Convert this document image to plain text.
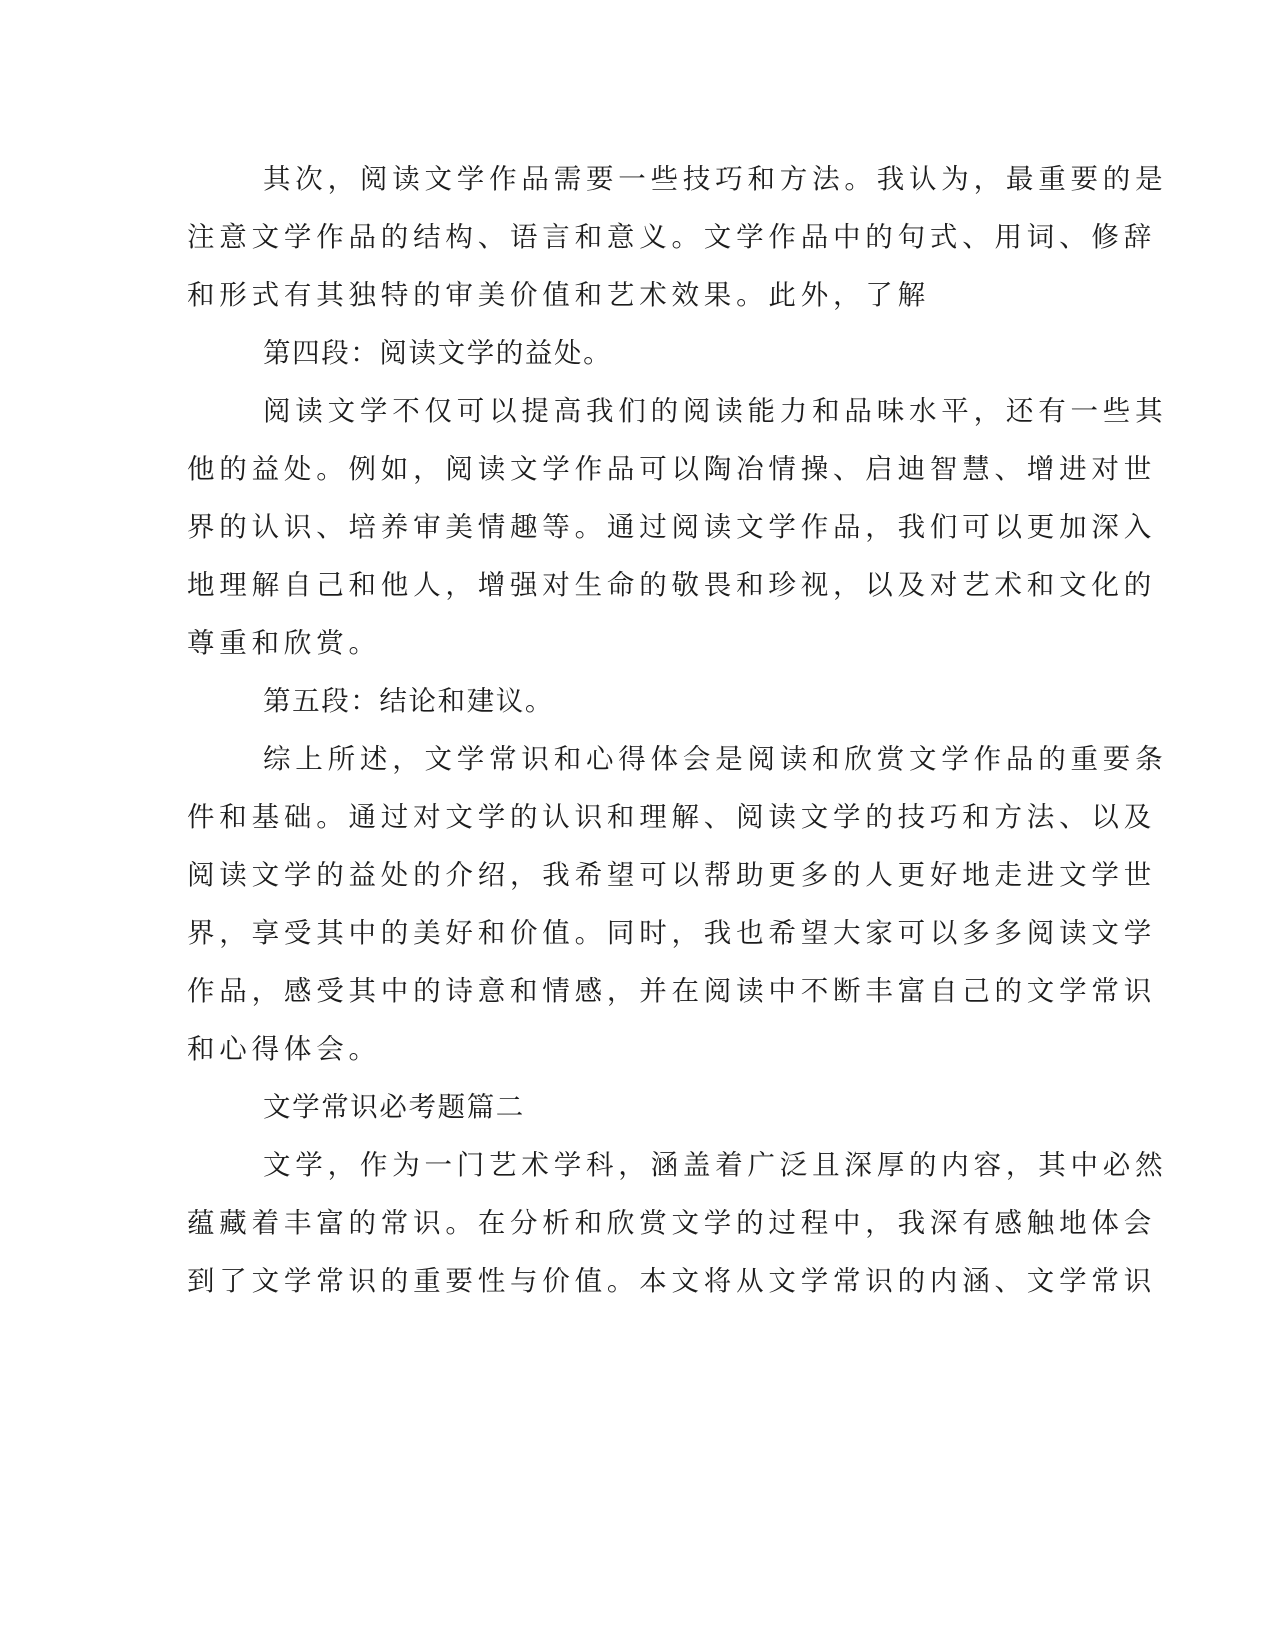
其次，阅读文学作品需要一些技巧和方法。我认为，最重要的是
注意文学作品的结构、语言和意义。文学作品中的句式、用词、修辞
和形式有其独特的审美价值和艺术效果。此外，了解
第四段：阅读文学的益处。
阅读文学不仅可以提高我们的阅读能力和品味水平，还有一些其
他的益处。例如，阅读文学作品可以陶冶情操、启迪智慧、增进对世
界的认识、培养审美情趣等。通过阅读文学作品，我们可以更加深入
地理解自己和他人，增强对生命的敬畏和珍视，以及对艺术和文化的
尊重和欣赏。
第五段：结论和建议。
综上所述，文学常识和心得体会是阅读和欣赏文学作品的重要条
件和基础。通过对文学的认识和理解、阅读文学的技巧和方法、以及
阅读文学的益处的介绍，我希望可以帮助更多的人更好地走进文学世
界，享受其中的美好和价值。同时，我也希望大家可以多多阅读文学
作品，感受其中的诗意和情感，并在阅读中不断丰富自己的文学常识
和心得体会。
文学常识必考题篇二
文学，作为一门艺术学科，涵盖着广泛且深厚的内容，其中必然
蕴藏着丰富的常识。在分析和欣赏文学的过程中，我深有感触地体会
到了文学常识的重要性与价值。本文将从文学常识的内涵、文学常识
